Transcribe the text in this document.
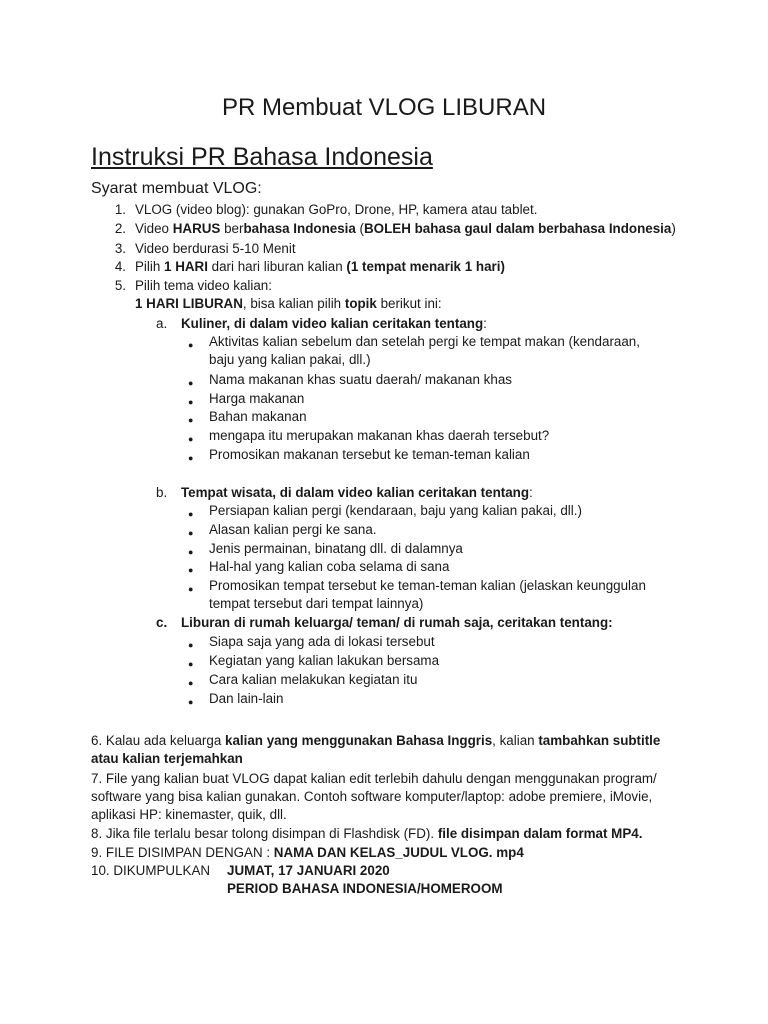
PR Membuat VLOG LIBURAN
Instruksi PR Bahasa Indonesia
Syarat membuat VLOG:
10. DIKUMPULKAN	JUMAT, 17 JANUARI 2020
PERIOD BAHASA INDONESIA/HOMEROOM
1. VLOG (video blog): gunakan GoPro, Drone, HP, kamera atau tablet.
2. Video HARUS berbahasa Indonesia (BOLEH bahasa gaul dalam berbahasa Indonesia)
3. Video berdurasi 5-10 Menit
4. Pilih 1 HARI dari hari liburan kalian (1 tempat menarik 1 hari)
5. Pilih tema video kalian:
1 HARI LIBURAN, bisa kalian pilih topik berikut ini:
a. Kuliner, di dalam video kalian ceritakan tentang:
● Aktivitas kalian sebelum dan setelah pergi ke tempat makan (kendaraan,
baju yang kalian pakai, dll.)
● Nama makanan khas suatu daerah/ makanan khas
● Harga makanan
● Bahan makanan
● mengapa itu merupakan makanan khas daerah tersebut?
● Promosikan makanan tersebut ke teman-teman kalian
b. Tempat wisata, di dalam video kalian ceritakan tentang:
● Persiapan kalian pergi (kendaraan, baju yang kalian pakai, dll.)
● Alasan kalian pergi ke sana.
● Jenis permainan, binatang dll. di dalamnya
● Hal-hal yang kalian coba selama di sana
● Promosikan tempat tersebut ke teman-teman kalian (jelaskan keunggulan
tempat tersebut dari tempat lainnya)
c. Liburan di rumah keluarga/ teman/ di rumah saja, ceritakan tentang:
● Siapa saja yang ada di lokasi tersebut
● Kegiatan yang kalian lakukan bersama
● Cara kalian melakukan kegiatan itu
● Dan lain-lain
6. Kalau ada keluarga kalian yang menggunakan Bahasa Inggris, kalian tambahkan subtitle
atau kalian terjemahkan
7. File yang kalian buat VLOG dapat kalian edit terlebih dahulu dengan menggunakan program/
software yang bisa kalian gunakan. Contoh software komputer/laptop: adobe premiere, iMovie,
aplikasi HP: kinemaster, quik, dll.
8. Jika file terlalu besar tolong disimpan di Flashdisk (FD). file disimpan dalam format MP4.
9. FILE DISIMPAN DENGAN : NAMA DAN KELAS_JUDUL VLOG. mp4
